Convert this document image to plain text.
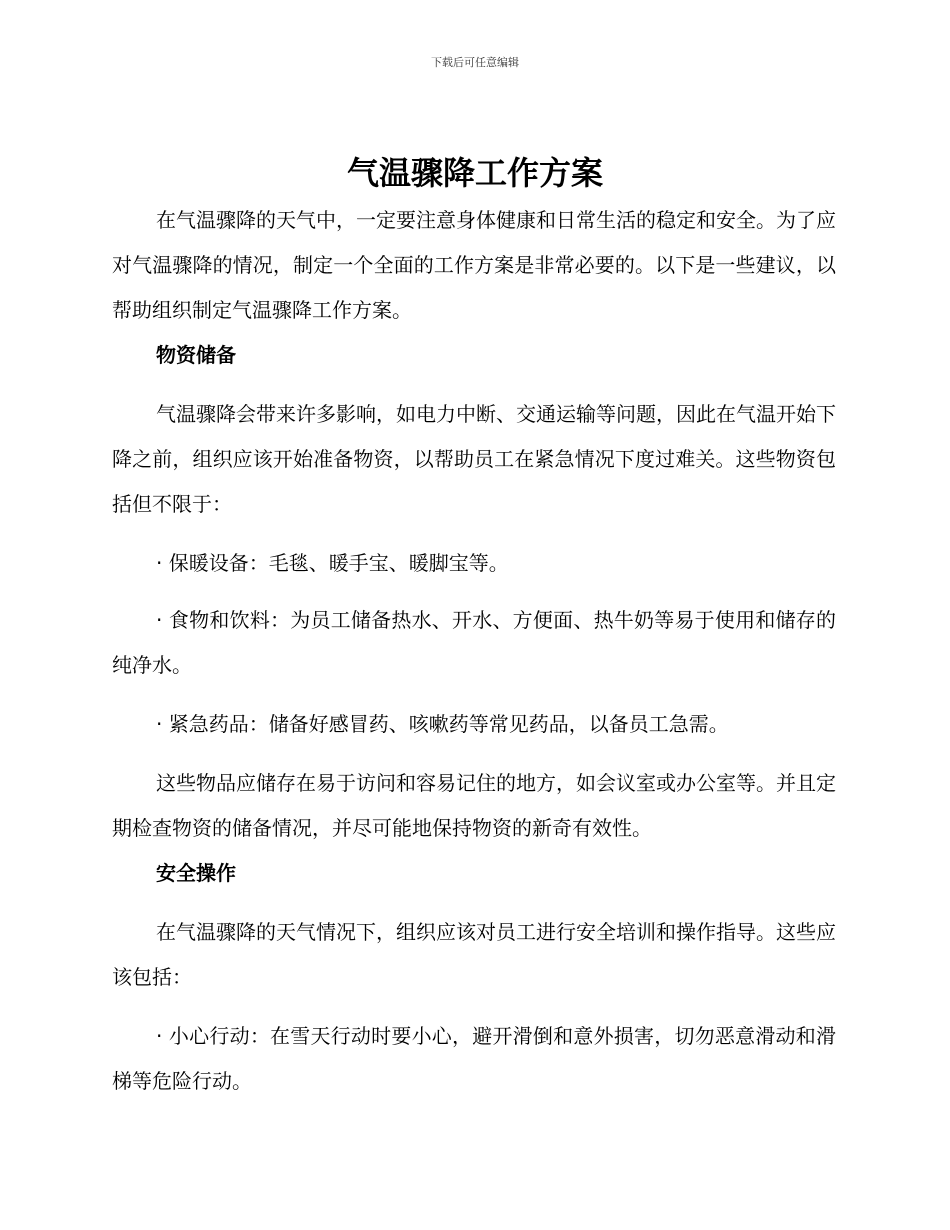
下载后可任意编辑
气温骤降工作方案

在气温骤降的天气中，一定要注意身体健康和日常生活的稳定和安全。为了应对气温骤降的情况，制定一个全面的工作方案是非常必要的。以下是一些建议，以帮助组织制定气温骤降工作方案。

物资储备

气温骤降会带来许多影响，如电力中断、交通运输等问题，因此在气温开始下降之前，组织应该开始准备物资，以帮助员工在紧急情况下度过难关。这些物资包括但不限于：

· 保暖设备：毛毯、暖手宝、暖脚宝等。

· 食物和饮料：为员工储备热水、开水、方便面、热牛奶等易于使用和储存的纯净水。

· 紧急药品：储备好感冒药、咳嗽药等常见药品，以备员工急需。

这些物品应储存在易于访问和容易记住的地方，如会议室或办公室等。并且定期检查物资的储备情况，并尽可能地保持物资的新奇有效性。

安全操作

在气温骤降的天气情况下，组织应该对员工进行安全培训和操作指导。这些应该包括：

· 小心行动：在雪天行动时要小心，避开滑倒和意外损害，切勿恶意滑动和滑梯等危险行动。
